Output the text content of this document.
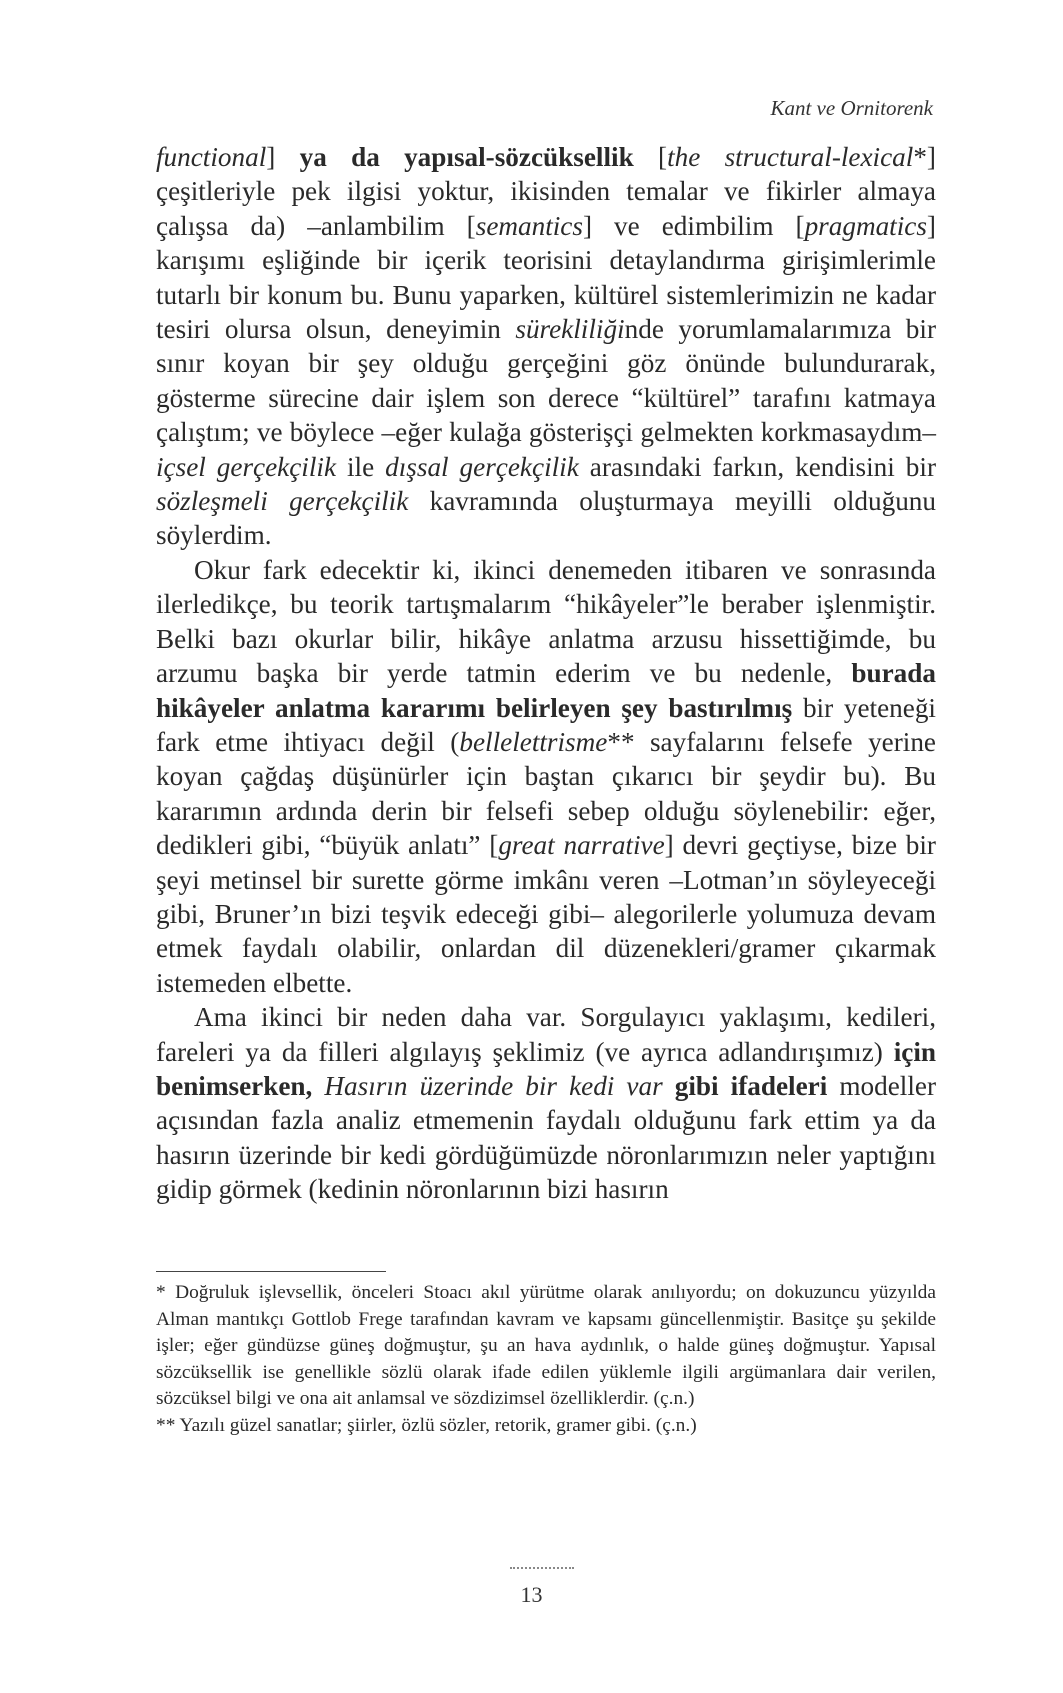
Kant ve Ornitorenk

functional] ya da yapısal-sözcüksellik [the structural-lexical*] çeşitleriyle pek ilgisi yoktur, ikisinden temalar ve fikirler almaya çalışsa da) –anlambilim [semantics] ve edimbilim [pragmatics] karışımı eşliğinde bir içerik teorisini detaylandırma girişimlerimle tutarlı bir konum bu. Bunu yaparken, kültürel sistemlerimizin ne kadar tesiri olursa olsun, deneyimin sürekliliğinde yorumlamalarımıza bir sınır koyan bir şey olduğu gerçeğini göz önünde bulundurarak, gösterme sürecine dair işlem son derece “kültürel” tarafını katmaya çalıştım; ve böylece –eğer kulağa gösterişçi gelmekten korkmasaydım– içsel gerçekçilik ile dışsal gerçekçilik arasındaki farkın, kendisini bir sözleşmeli gerçekçilik kavramında oluşturmaya meyilli olduğunu söylerdim.

Okur fark edecektir ki, ikinci denemeden itibaren ve sonrasında ilerledikçe, bu teorik tartışmalarım “hikâyeler”le beraber işlenmiştir. Belki bazı okurlar bilir, hikâye anlatma arzusu hissettiğimde, bu arzumu başka bir yerde tatmin ederim ve bu nedenle, burada hikâyeler anlatma kararımı belirleyen şey bastırılmış bir yeteneği fark etme ihtiyacı değil (bellelettrisme** sayfalarını felsefe yerine koyan çağdaş düşünürler için baştan çıkarıcı bir şeydir bu). Bu kararımın ardında derin bir felsefi sebep olduğu söylenebilir: eğer, dedikleri gibi, “büyük anlatı” [great narrative] devri geçtiyse, bize bir şeyi metinsel bir surette görme imkânı veren –Lotman’ın söyleyeceği gibi, Bruner’ın bizi teşvik edeceği gibi– alegorilerle yolumuza devam etmek faydalı olabilir, onlardan dil düzenekleri/gramer çıkarmak istemeden elbette.

Ama ikinci bir neden daha var. Sorgulayıcı yaklaşımı, kedileri, fareleri ya da filleri algılayış şeklimiz (ve ayrıca adlandırışımız) için benimserken, Hasırın üzerinde bir kedi var gibi ifadeleri modeller açısından fazla analiz etmemenin faydalı olduğunu fark ettim ya da hasırın üzerinde bir kedi gördüğümüzde nöronlarımızın neler yaptığını gidip görmek (kedinin nöronlarının bizi hasırın

* Doğruluk işlevsellik, önceleri Stoacı akıl yürütme olarak anılıyordu; on dokuzuncu yüzyılda Alman mantıkçı Gottlob Frege tarafından kavram ve kapsamı güncellenmiştir. Basitçe şu şekilde işler; eğer gündüzse güneş doğmuştur, şu an hava aydınlık, o halde güneş doğmuştur. Yapısal sözcüksellik ise genellikle sözlü olarak ifade edilen yüklemle ilgili argümanlara dair verilen, sözcüksel bilgi ve ona ait anlamsal ve sözdizimsel özelliklerdir. (ç.n.)

** Yazılı güzel sanatlar; şiirler, özlü sözler, retorik, gramer gibi. (ç.n.)

13
